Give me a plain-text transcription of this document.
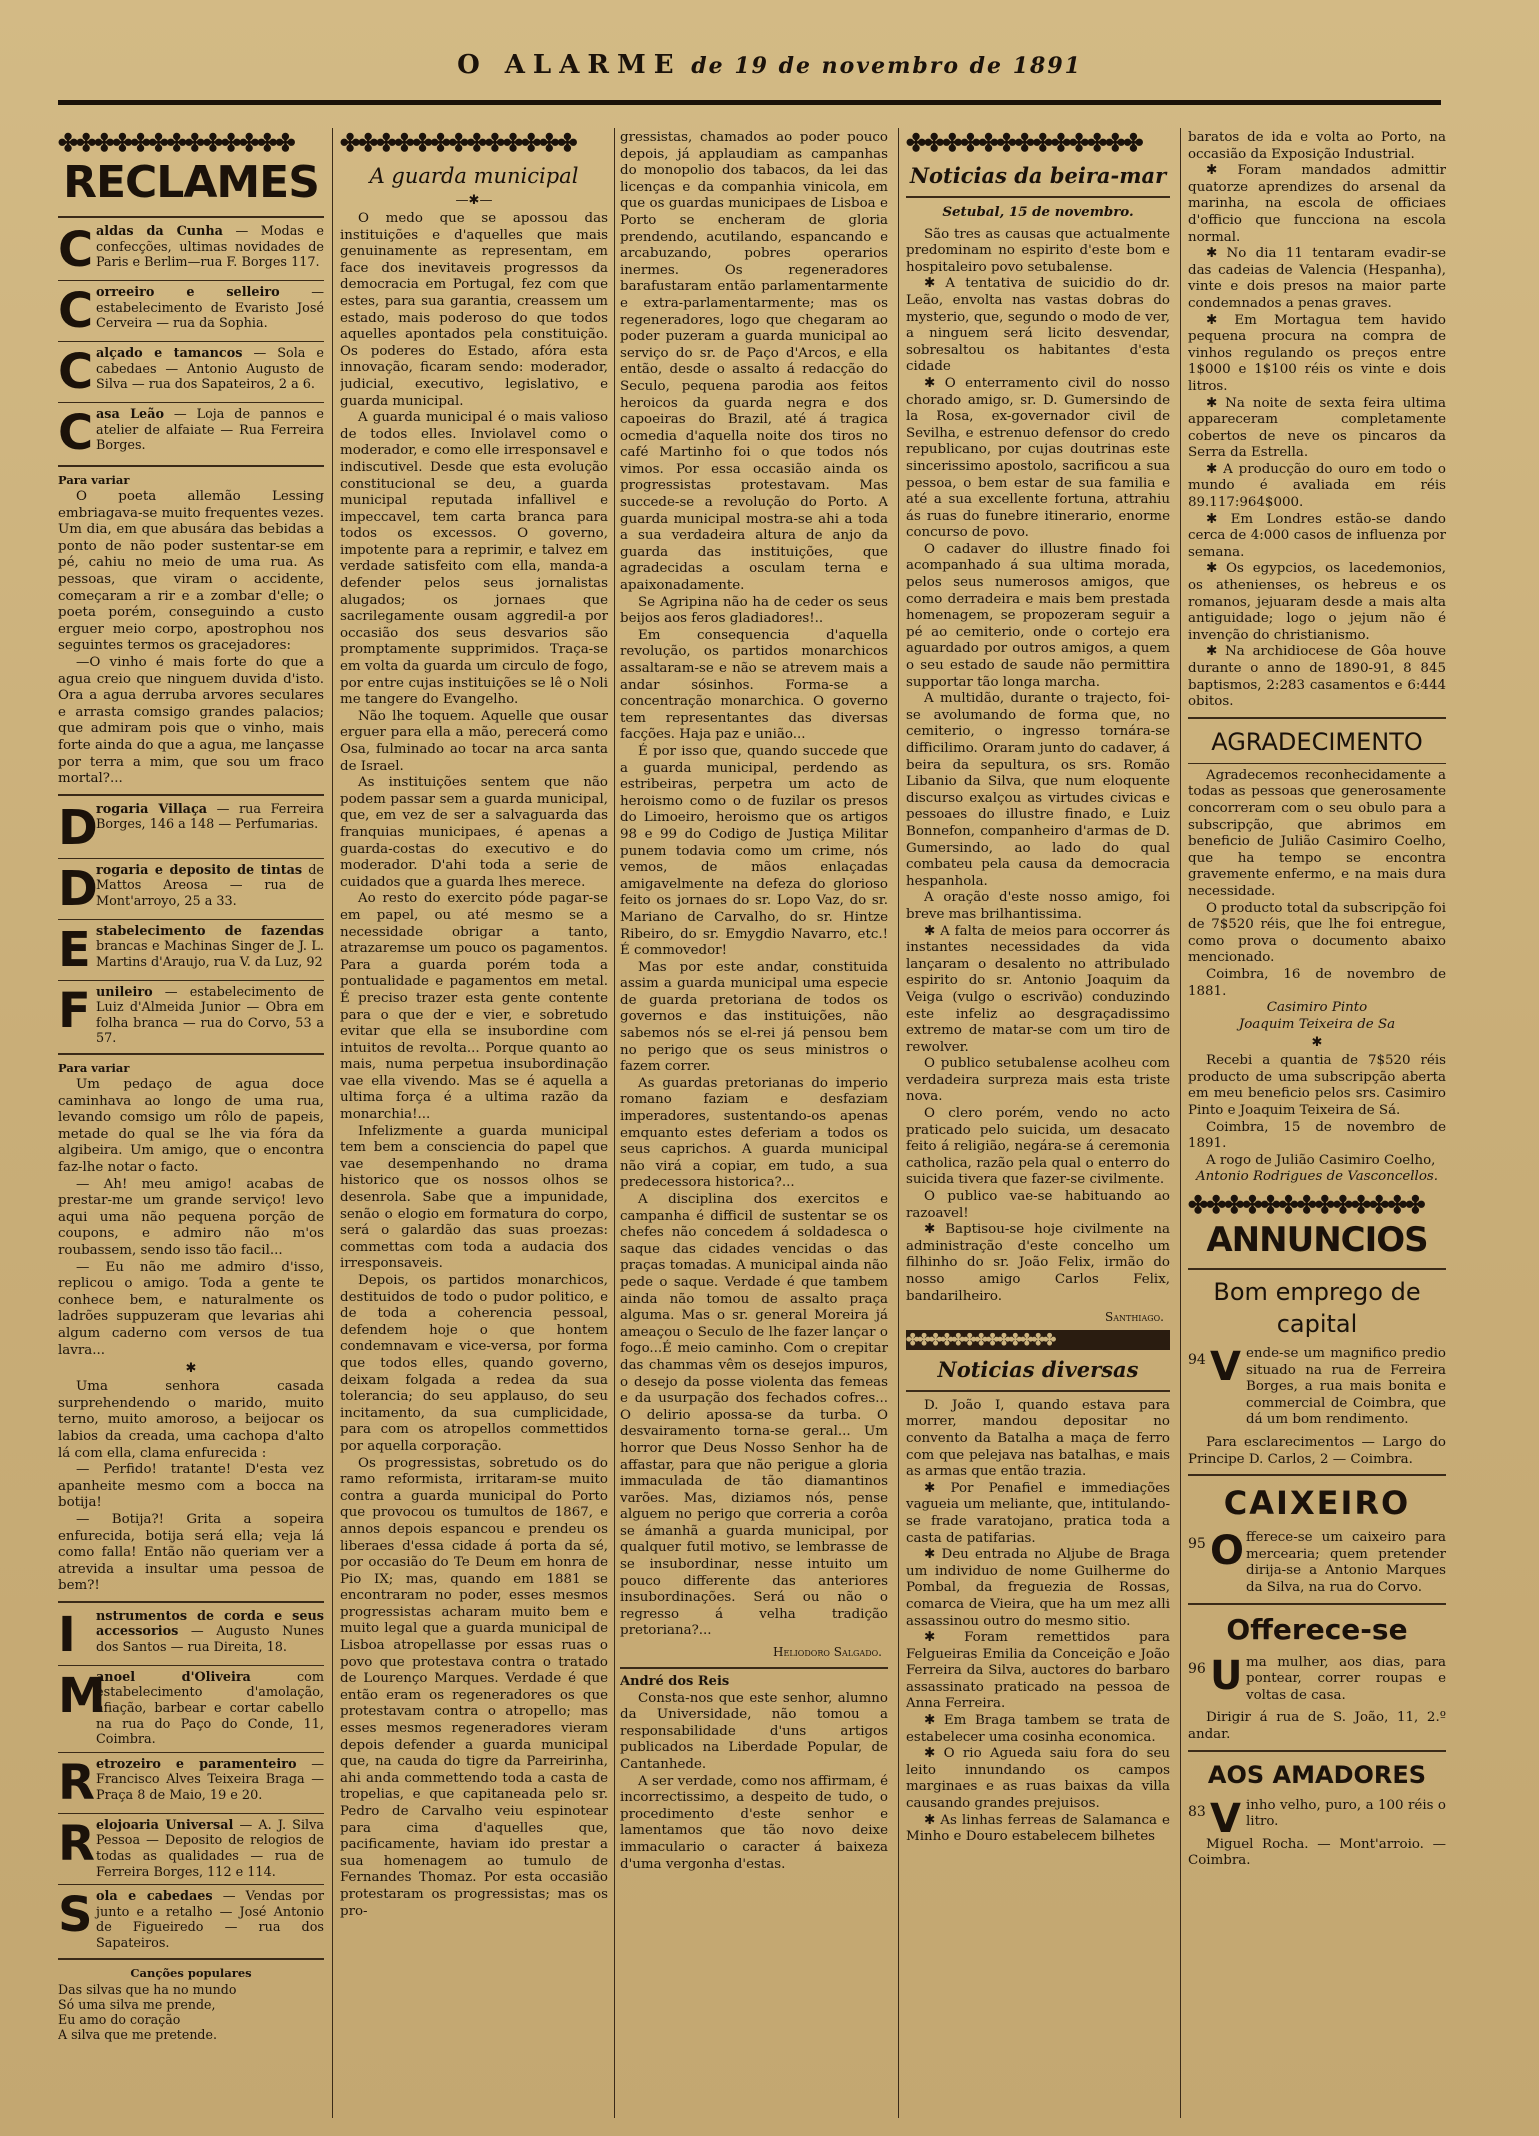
O ALARME de 19 de novembro de 1891
✤✤✤✤✤✤✤✤✤✤✤✤✤
RECLAMES
C aldas da Cunha — Modas e confecções, ultimas novidades de Paris e Berlim—rua F. Borges 117.
C orreeiro e selleiro — estabelecimento de Evaristo José Cerveira — rua da Sophia.
C alçado e tamancos — Sola e cabedaes — Antonio Augusto de Silva — rua dos Sapateiros, 2 a 6.
C asa Leão — Loja de pannos e atelier de alfaiate — Rua Ferreira Borges.
Para variar

O poeta allemão Lessing embriagava-se muito frequentes vezes. Um dia, em que abusára das bebidas a ponto de não poder sustentar-se em pé, cahiu no meio de uma rua. As pessoas, que viram o accidente, começaram a rir e a zombar d'elle; o poeta porém, conseguindo a custo erguer meio corpo, apostrophou nos seguintes termos os gracejadores:

—O vinho é mais forte do que a agua creio que ninguem duvida d'isto. Ora a agua derruba arvores seculares e arrasta comsigo grandes palacios; que admiram pois que o vinho, mais forte ainda do que a agua, me lançasse por terra a mim, que sou um fraco mortal?...

D
rogaria Villaça — rua Ferreira Borges, 146 a 148 — Perfumarias.
D
rogaria e deposito de tintas de Mattos Areosa — rua de Mont'arroyo, 25 a 33.
E stabelecimento de fazendas brancas e Machinas Singer de J. L. Martins d'Araujo, rua V. da Luz, 92
F unileiro — estabelecimento de Luiz d'Almeida Junior — Obra em folha branca — rua do Corvo, 53 a 57.
Para variar

Um pedaço de agua doce caminhava ao longo de uma rua, levando comsigo um rôlo de papeis, metade do qual se lhe via fóra da algibeira. Um amigo, que o encontra faz-lhe notar o facto.

— Ah! meu amigo! acabas de prestar-me um grande serviço! levo aqui uma não pequena porção de coupons, e admiro não m'os roubassem, sendo isso tão facil...

— Eu não me admiro d'isso, replicou o amigo. Toda a gente te conhece bem, e naturalmente os ladrões suppuzeram que levarias ahi algum caderno com versos de tua lavra...

✱

Uma senhora casada surprehendendo o marido, muito terno, muito amoroso, a beijocar os labios da creada, uma cachopa d'alto lá com ella, clama enfurecida :

— Perfido! tratante! D'esta vez apanheite mesmo com a bocca na botija!

— Botija?! Grita a sopeira enfurecida, botija será ella; veja lá como falla! Então não queriam ver a atrevida a insultar uma pessoa de bem?!

I nstrumentos de corda e seus accessorios — Augusto Nunes dos Santos — rua Direita, 18.
M
anoel d'Oliveira com estabelecimento d'amolação, afiação, barbear e cortar cabello na rua do Paço do Conde, 11, Coimbra.
R etrozeiro e paramenteiro — Francisco Alves Teixeira Braga — Praça 8 de Maio, 19 e 20.
R elojoaria Universal — A. J. Silva Pessoa — Deposito de relogios de todas as qualidades — rua de Ferreira Borges, 112 e 114.
S ola e cabedaes — Vendas por junto e a retalho — José Antonio de Figueiredo — rua dos Sapateiros.
Canções populares

Das silvas que ha no mundo

Só uma silva me prende,

Eu amo do coração

A silva que me pretende.

✤✤✤✤✤✤✤✤✤✤✤✤✤
A guarda municipal
—✱—

O medo que se apossou das instituições e d'aquelles que mais genuinamente as representam, em face dos inevitaveis progressos da democracia em Portugal, fez com que estes, para sua garantia, creassem um estado, mais poderoso do que todos aquelles apontados pela constituição. Os poderes do Estado, afóra esta innovação, ficaram sendo: moderador, judicial, executivo, legislativo, e guarda municipal.

A guarda municipal é o mais valioso de todos elles. Inviolavel como o moderador, e como elle irresponsavel e indiscutivel. Desde que esta evolução constitucional se deu, a guarda municipal reputada infallivel e impeccavel, tem carta branca para todos os excessos. O governo, impotente para a reprimir, e talvez em verdade satisfeito com ella, manda-a defender pelos seus jornalistas alugados; os jornaes que sacrilegamente ousam aggredil-a por occasião dos seus desvarios são promptamente supprimidos. Traça-se em volta da guarda um circulo de fogo, por entre cujas instituições se lê o Noli me tangere do Evangelho.

Não lhe toquem. Aquelle que ousar erguer para ella a mão, perecerá como Osa, fulminado ao tocar na arca santa de Israel.

As instituições sentem que não podem passar sem a guarda municipal, que, em vez de ser a salvaguarda das franquias municipaes, é apenas a guarda-costas do executivo e do moderador. D'ahi toda a serie de cuidados que a guarda lhes merece.

Ao resto do exercito póde pagar-se em papel, ou até mesmo se a necessidade obrigar a tanto, atrazaremse um pouco os pagamentos. Para a guarda porém toda a pontualidade e pagamentos em metal. É preciso trazer esta gente contente para o que der e vier, e sobretudo evitar que ella se insubordine com intuitos de revolta... Porque quanto ao mais, numa perpetua insubordinação vae ella vivendo. Mas se é aquella a ultima força é a ultima razão da monarchia!...

Infelizmente a guarda municipal tem bem a consciencia do papel que vae desempenhando no drama historico que os nossos olhos se desenrola. Sabe que a impunidade, senão o elogio em formatura do corpo, será o galardão das suas proezas: commettas com toda a audacia dos irresponsaveis.

Depois, os partidos monarchicos, destituidos de todo o pudor politico, e de toda a coherencia pessoal, defendem hoje o que hontem condemnavam e vice-versa, por forma que todos elles, quando governo, deixam folgada a redea da sua tolerancia; do seu applauso, do seu incitamento, da sua cumplicidade, para com os atropellos commettidos por aquella corporação.

Os progressistas, sobretudo os do ramo reformista, irritaram-se muito contra a guarda municipal do Porto que provocou os tumultos de 1867, e annos depois espancou e prendeu os liberaes d'essa cidade á porta da sé, por occasião do Te Deum em honra de Pio IX; mas, quando em 1881 se encontraram no poder, esses mesmos progressistas acharam muito bem e muito legal que a guarda municipal de Lisboa atropellasse por essas ruas o povo que protestava contra o tratado de Lourenço Marques. Verdade é que então eram os regeneradores os que protestavam contra o atropello; mas esses mesmos regeneradores vieram depois defender a guarda municipal que, na cauda do tigre da Parreirinha, ahi anda commettendo toda a casta de tropelias, e que capitaneada pelo sr. Pedro de Carvalho veiu espinotear para cima d'aquelles que, pacificamente, haviam ido prestar a sua homenagem ao tumulo de Fernandes Thomaz. Por esta occasião protestaram os progressistas; mas os pro-

gressistas, chamados ao poder pouco depois, já applaudiam as campanhas do monopolio dos tabacos, da lei das licenças e da companhia vinicola, em que os guardas municipaes de Lisboa e Porto se encheram de gloria prendendo, acutilando, espancando e arcabuzando, pobres operarios inermes. Os regeneradores barafustaram então parlamentarmente e extra-parlamentarmente; mas os regeneradores, logo que chegaram ao poder puzeram a guarda municipal ao serviço do sr. de Paço d'Arcos, e ella então, desde o assalto á redacção do Seculo, pequena parodia aos feitos heroicos da guarda negra e dos capoeiras do Brazil, até á tragica ocmedia d'aquella noite dos tiros no café Martinho foi o que todos nós vimos. Por essa occasião ainda os progressistas protestavam. Mas succede-se a revolução do Porto. A guarda municipal mostra-se ahi a toda a sua verdadeira altura de anjo da guarda das instituições, que agradecidas a osculam terna e apaixonadamente.

Se Agripina não ha de ceder os seus beijos aos feros gladiadores!..

Em consequencia d'aquella revolução, os partidos monarchicos assaltaram-se e não se atrevem mais a andar sósinhos. Forma-se a concentração monarchica. O governo tem representantes das diversas facções. Haja paz e união...

É por isso que, quando succede que a guarda municipal, perdendo as estribeiras, perpetra um acto de heroismo como o de fuzilar os presos do Limoeiro, heroismo que os artigos 98 e 99 do Codigo de Justiça Militar punem todavia como um crime, nós vemos, de mãos enlaçadas amigavelmente na defeza do glorioso feito os jornaes do sr. Lopo Vaz, do sr. Mariano de Carvalho, do sr. Hintze Ribeiro, do sr. Emygdio Navarro, etc.! É commovedor!

Mas por este andar, constituida assim a guarda municipal uma especie de guarda pretoriana de todos os governos e das instituições, não sabemos nós se el-rei já pensou bem no perigo que os seus ministros o fazem correr.

As guardas pretorianas do imperio romano faziam e desfaziam imperadores, sustentando-os apenas emquanto estes deferiam a todos os seus caprichos. A guarda municipal não virá a copiar, em tudo, a sua predecessora historica?...

A disciplina dos exercitos e campanha é difficil de sustentar se os chefes não concedem á soldadesca o saque das cidades vencidas o das praças tomadas. A municipal ainda não pede o saque. Verdade é que tambem ainda não tomou de assalto praça alguma. Mas o sr. general Moreira já ameaçou o Seculo de lhe fazer lançar o fogo...É meio caminho. Com o crepitar das chammas vêm os desejos impuros, o desejo da posse violenta das femeas e da usurpação dos fechados cofres... O delirio apossa-se da turba. O desvairamento torna-se geral... Um horror que Deus Nosso Senhor ha de affastar, para que não perigue a gloria immaculada de tão diamantinos varões. Mas, diziamos nós, pense alguem no perigo que correria a corôa se ámanhã a guarda municipal, por qualquer futil motivo, se lembrasse de se insubordinar, nesse intuito um pouco differente das anteriores insubordinações. Será ou não o regresso á velha tradição pretoriana?...

Heliodoro Salgado.
André dos Reis

Consta-nos que este senhor, alumno da Universidade, não tomou a responsabilidade d'uns artigos publicados na Liberdade Popular, de Cantanhede.

A ser verdade, como nos affirmam, é incorrectissimo, a despeito de tudo, o procedimento d'este senhor e lamentamos que tão novo deixe immaculario o caracter á baixeza d'uma vergonha d'estas.

✤✤✤✤✤✤✤✤✤✤✤✤✤
Noticias da beira-mar

Setubal, 15 de novembro.

São tres as causas que actualmente predominam no espirito d'este bom e hospitaleiro povo setubalense.

✱ A tentativa de suicidio do dr. Leão, envolta nas vastas dobras do mysterio, que, segundo o modo de ver, a ninguem será licito desvendar, sobresaltou os habitantes d'esta cidade

✱ O enterramento civil do nosso chorado amigo, sr. D. Gumersindo de la Rosa, ex-governador civil de Sevilha, e estrenuo defensor do credo republicano, por cujas doutrinas este sincerissimo apostolo, sacrificou a sua pessoa, o bem estar de sua familia e até a sua excellente fortuna, attrahiu ás ruas do funebre itinerario, enorme concurso de povo.

O cadaver do illustre finado foi acompanhado á sua ultima morada, pelos seus numerosos amigos, que como derradeira e mais bem prestada homenagem, se propozeram seguir a pé ao cemiterio, onde o cortejo era aguardado por outros amigos, a quem o seu estado de saude não permittira supportar tão longa marcha.

A multidão, durante o trajecto, foi-se avolumando de forma que, no cemiterio, o ingresso tornára-se difficilimo. Oraram junto do cadaver, á beira da sepultura, os srs. Romão Libanio da Silva, que num eloquente discurso exalçou as virtudes civicas e pessoaes do illustre finado, e Luiz Bonnefon, companheiro d'armas de D. Gumersindo, ao lado do qual combateu pela causa da democracia hespanhola.

A oração d'este nosso amigo, foi breve mas brilhantissima.

✱ A falta de meios para occorrer ás instantes necessidades da vida lançaram o desalento no attribulado espirito do sr. Antonio Joaquim da Veiga (vulgo o escrivão) conduzindo este infeliz ao desgraçadissimo extremo de matar-se com um tiro de rewolver.

O publico setubalense acolheu com verdadeira surpreza mais esta triste nova.

O clero porém, vendo no acto praticado pelo suicida, um desacato feito á religião, negára-se á ceremonia catholica, razão pela qual o enterro do suicida tivera que fazer-se civilmente.

O publico vae-se habituando ao razoavel!

✱ Baptisou-se hoje civilmente na administração d'este concelho um filhinho do sr. João Felix, irmão do nosso amigo Carlos Felix, bandarilheiro.

Santhiago.
✤✤✤✤✤✤✤✤✤✤✤✤✤
Noticias diversas

D. João I, quando estava para morrer, mandou depositar no convento da Batalha a maça de ferro com que pelejava nas batalhas, e mais as armas que então trazia.

✱ Por Penafiel e immediações vagueia um meliante, que, intitulando-se frade varatojano, pratica toda a casta de patifarias.

✱ Deu entrada no Aljube de Braga um individuo de nome Guilherme do Pombal, da freguezia de Rossas, comarca de Vieira, que ha um mez alli assassinou outro do mesmo sitio.

✱ Foram remettidos para Felgueiras Emilia da Conceição e João Ferreira da Silva, auctores do barbaro assassinato praticado na pessoa de Anna Ferreira.

✱ Em Braga tambem se trata de estabelecer uma cosinha economica.

✱ O rio Agueda saiu fora do seu leito innundando os campos marginaes e as ruas baixas da villa causando grandes prejuisos.

✱ As linhas ferreas de Salamanca e Minho e Douro estabelecem bilhetes

baratos de ida e volta ao Porto, na occasião da Exposição Industrial.

✱ Foram mandados admittir quatorze aprendizes do arsenal da marinha, na escola de officiaes d'officio que funcciona na escola normal.

✱ No dia 11 tentaram evadir-se das cadeias de Valencia (Hespanha), vinte e dois presos na maior parte condemnados a penas graves.

✱ Em Mortagua tem havido pequena procura na compra de vinhos regulando os preços entre 1$000 e 1$100 réis os vinte e dois litros.

✱ Na noite de sexta feira ultima appareceram completamente cobertos de neve os pincaros da Serra da Estrella.

✱ A producção do ouro em todo o mundo é avaliada em réis 89.117:964$000.

✱ Em Londres estão-se dando cerca de 4:000 casos de influenza por semana.

✱ Os egypcios, os lacedemonios, os athenienses, os hebreus e os romanos, jejuaram desde a mais alta antiguidade; logo o jejum não é invenção do christianismo.

✱ Na archidiocese de Gôa houve durante o anno de 1890-91, 8 845 baptismos, 2:283 casamentos e 6:444 obitos.

AGRADECIMENTO

Agradecemos reconhecidamente a todas as pessoas que generosamente concorreram com o seu obulo para a subscripção, que abrimos em beneficio de Julião Casimiro Coelho, que ha tempo se encontra gravemente enfermo, e na mais dura necessidade.

O producto total da subscripção foi de 7$520 réis, que lhe foi entregue, como prova o documento abaixo mencionado.

Coimbra, 16 de novembro de 1881.

Casimiro Pinto

Joaquim Teixeira de Sa

✱

Recebi a quantia de 7$520 réis producto de uma subscripção aberta em meu beneficio pelos srs. Casimiro Pinto e Joaquim Teixeira de Sá.

Coimbra, 15 de novembro de 1891.

A rogo de Julião Casimiro Coelho,

Antonio Rodrigues de Vasconcellos.

✤✤✤✤✤✤✤✤✤✤✤✤✤
ANNUNCIOS
Bom emprego de capital
94 V ende-se um magnifico predio situado na rua de Ferreira Borges, a rua mais bonita e commercial de Coimbra, que dá um bom rendimento.

Para esclarecimentos — Largo do Principe D. Carlos, 2 — Coimbra.

CAIXEIRO
95 O fferece-se um caixeiro para mercearia; quem pretender dirija-se a Antonio Marques da Silva, na rua do Corvo.
Offerece-se
96 U ma mulher, aos dias, para pontear, correr roupas e voltas de casa.

Dirigir á rua de S. João, 11, 2.º andar.

AOS AMADORES
83 V inho velho, puro, a 100 réis o litro.

Miguel Rocha. — Mont'arroio. — Coimbra.
